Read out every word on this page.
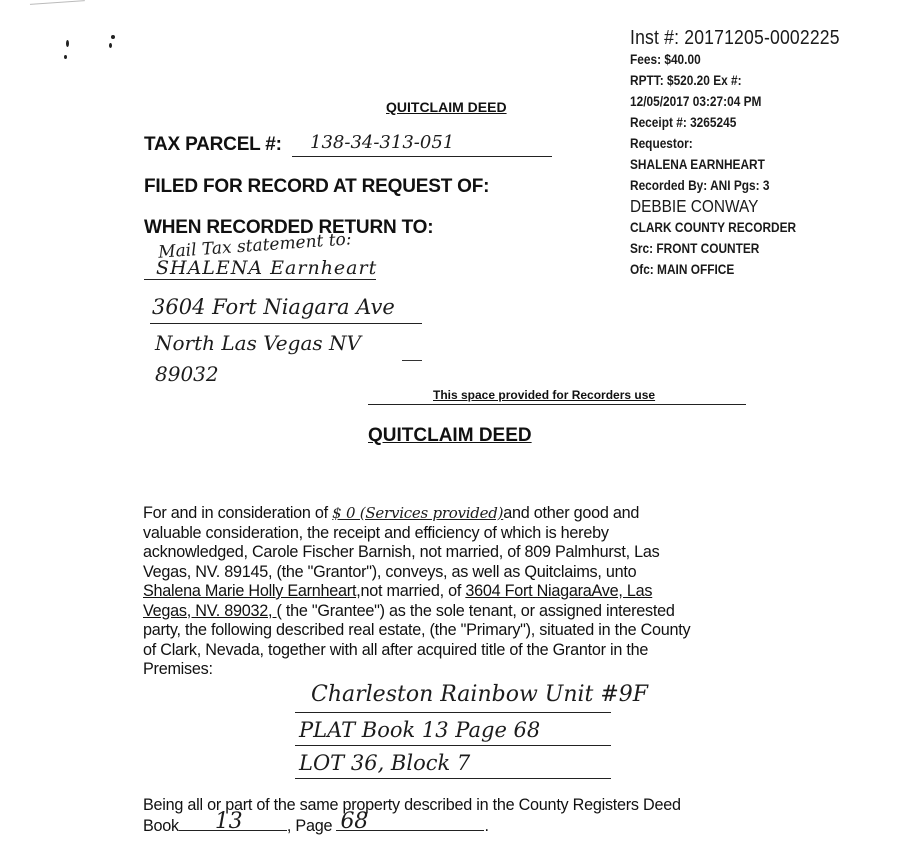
Inst #: 20171205-0002225
Fees: $40.00
RPTT: $520.20 Ex #:
12/05/2017 03:27:04 PM
Receipt #: 3265245
Requestor:
SHALENA EARNHEART
Recorded By: ANI Pgs: 3
DEBBIE CONWAY
CLARK COUNTY RECORDER
Src: FRONT COUNTER
Ofc: MAIN OFFICE
QUITCLAIM DEED
TAX PARCEL #: 138-34-313-051
FILED FOR RECORD AT REQUEST OF:
WHEN RECORDED RETURN TO:
Mail Tax statement to:
SHALENA Earnheart
3604 Fort Niagara Ave
North Las Vegas NV
89032
This space provided for Recorders use
QUITCLAIM DEED

For and in consideration of $ 0 (Services provided)and other good and

valuable consideration, the receipt and efficiency of which is hereby

acknowledged, Carole Fischer Barnish, not married, of 809 Palmhurst, Las

Vegas, NV. 89145, (the "Grantor"), conveys, as well as Quitclaims, unto

Shalena Marie Holly Earnheart,not married, of 3604 Fort NiagaraAve, Las

Vegas, NV. 89032, ( the "Grantee") as the sole tenant, or assigned interested

party, the following described real estate, (the "Primary"), situated in the County

of Clark, Nevada, together with all after acquired title of the Grantor in the

Premises:

Charleston Rainbow Unit #9F
PLAT Book 13 Page 68
LOT 36, Block 7

Being all or part of the same property described in the County Registers Deed

Book 13	, Page 68	.
